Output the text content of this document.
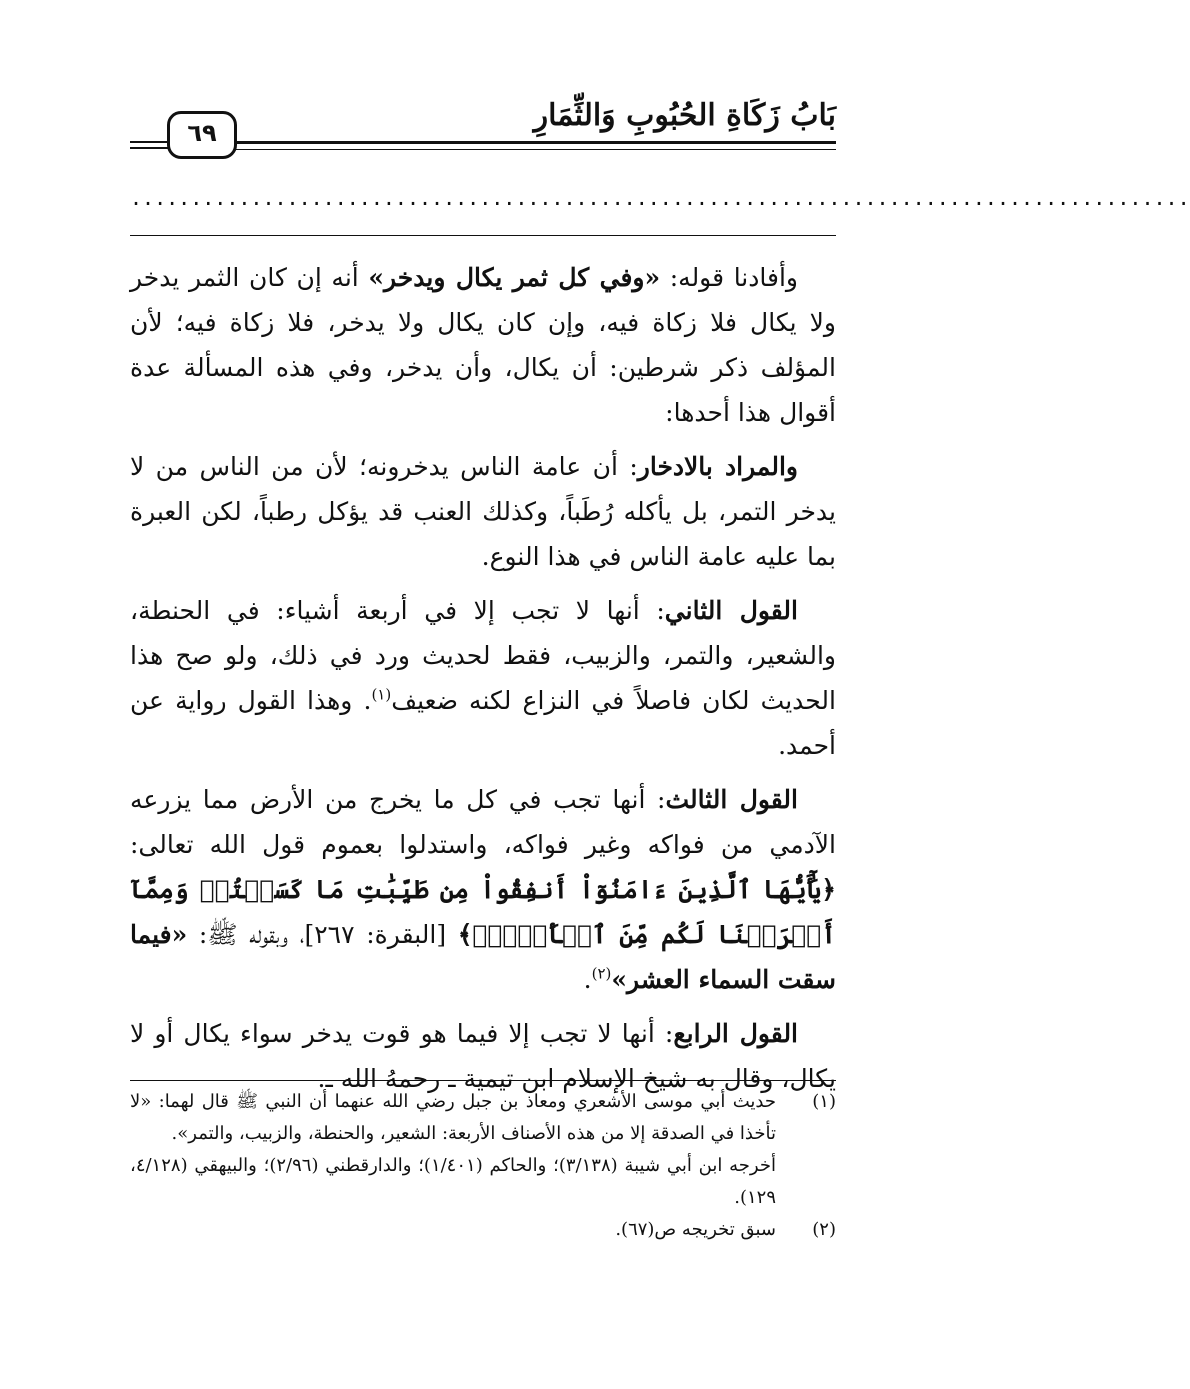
بَابُ زَكَاةِ الحُبُوبِ وَالثِّمَارِ
٦٩
........................................................................................

وأفادنا قوله: «وفي كل ثمر يكال ويدخر» أنه إن كان الثمر يدخر ولا يكال فلا زكاة فيه، وإن كان يكال ولا يدخر، فلا زكاة فيه؛ لأن المؤلف ذكر شرطين: أن يكال، وأن يدخر، وفي هذه المسألة عدة أقوال هذا أحدها:

والمراد بالادخار: أن عامة الناس يدخرونه؛ لأن من الناس من لا يدخر التمر، بل يأكله رُطَباً، وكذلك العنب قد يؤكل رطباً، لكن العبرة بما عليه عامة الناس في هذا النوع.

القول الثاني: أنها لا تجب إلا في أربعة أشياء: في الحنطة، والشعير، والتمر، والزبيب، فقط لحديث ورد في ذلك، ولو صح هذا الحديث لكان فاصلاً في النزاع لكنه ضعيف$^{(١)}$. وهذا القول رواية عن أحمد.

القول الثالث: أنها تجب في كل ما يخرج من الأرض مما يزرعه الآدمي من فواكه وغير فواكه، واستدلوا بعموم قول الله تعالى: ﴿يَٰٓأَيُّهَا ٱلَّذِينَ ءَامَنُوٓاْ أَنفِقُواْ مِن طَيِّبَٰتِ مَا كَسَبۡتُمۡ وَمِمَّآ أَخۡرَجۡنَا لَكُم مِّنَ ٱلۡأَرۡضِۖ﴾ [البقرة: ٢٦٧]، وبقوله ﷺ: «فيما سقت السماء العشر»$^{(٢)}$.

القول الرابع: أنها لا تجب إلا فيما هو قوت يدخر سواء يكال أو لا يكال، وقال به شيخ الإسلام ابن تيمية ـ رحمهُ الله ـ.

(١)
حديث أبي موسى الأشعري ومعاذ بن جبل رضي الله عنهما أن النبي ﷺ قال لهما: «لا تأخذا في الصدقة إلا من هذه الأصناف الأربعة: الشعير، والحنطة، والزبيب، والتمر».
أخرجه ابن أبي شيبة (٣/١٣٨)؛ والحاكم (١/٤٠١)؛ والدارقطني (٢/٩٦)؛ والبيهقي (٤/١٢٨، ١٢٩).
(٢)
سبق تخريجه ص(٦٧).
